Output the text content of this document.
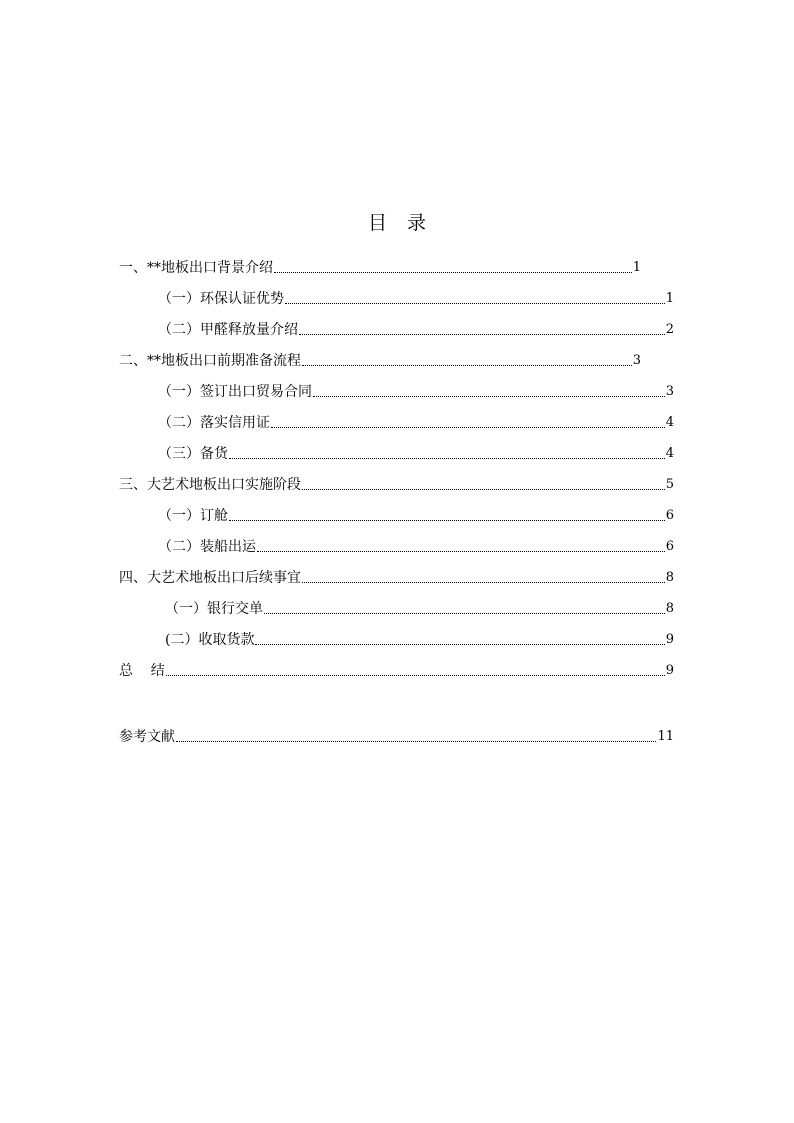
目 录
一、**地板出口背景介绍	1
（一）环保认证优势	1
（二）甲醛释放量介绍	2
二、**地板出口前期准备流程	3
（一）签订出口贸易合同	3
（二）落实信用证	4
（三）备货	4
三、大艺术地板出口实施阶段	5
（一）订舱	6
（二）装船出运	6
四、大艺术地板出口后续事宜	8
（一）银行交单	8
(二）收取货款	9
总    结	9
参考文献	11
